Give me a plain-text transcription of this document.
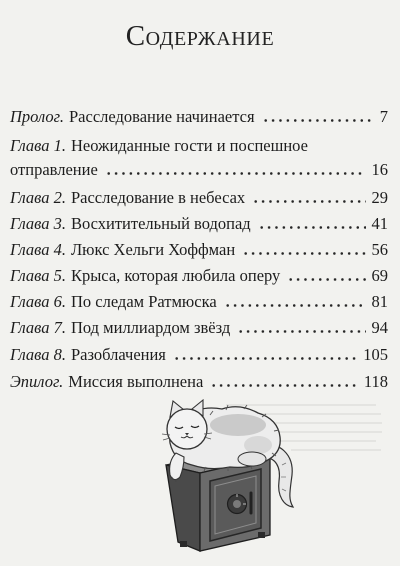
Содержание
Пролог. Расследование начинается	7
Глава 1. Неожиданные гости и поспешное
отправление	16
Глава 2. Расследование в небесах	29
Глава 3. Восхитительный водопад	41
Глава 4. Люкс Хельги Хоффман	56
Глава 5. Крыса, которая любила оперу	69
Глава 6. По следам Ратмюска	81
Глава 7. Под миллиардом звёзд	94
Глава 8. Разоблачения	105
Эпилог. Миссия выполнена	118
